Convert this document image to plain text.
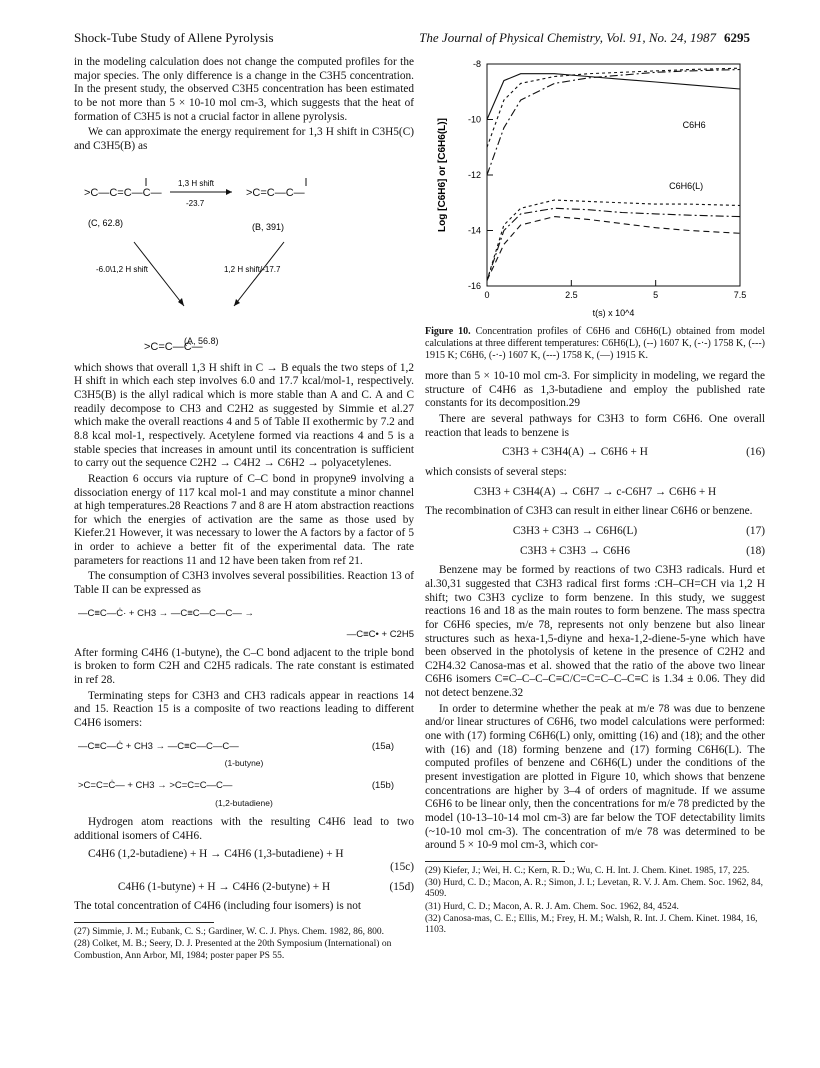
Shock-Tube Study of Allene Pyrolysis	The Journal of Physical Chemistry, Vol. 91, No. 24, 1987 6295

in the modeling calculation does not change the computed profiles for the major species. The only difference is a change in the C3H5 concentration. In the present study, the observed C3H5 concentration has been estimated to be not more than 5 × 10-10 mol cm-3, which suggests that the heat of formation of C3H5 is not a crucial factor in allene pyrolysis.

We can approximate the energy requirement for 1,3 H shift in C3H5(C) and C3H5(B) as

>C—C=C—C—	>C=C—C—
>C=C—C—
1,3 H shift
-23.7
(C, 62.8)	(B, 391)
-6.0\1,2 H shift	1,2 H shift/-17.7
(A, 56.8)

which shows that overall 1,3 H shift in C → B equals the two steps of 1,2 H shift in which each step involves 6.0 and 17.7 kcal/mol-1, respectively. C3H5(B) is the allyl radical which is more stable than A and C. A and C readily decompose to CH3 and C2H2 as suggested by Simmie et al.27 which make the overall reactions 4 and 5 of Table II exothermic by 7.2 and 8.8 kcal mol-1, respectively. Acetylene formed via reactions 4 and 5 is a stable species that increases in amount until its concentration is sufficient to carry out the sequence C2H2 → C4H2 → C6H2 → polyacetylenes.

Reaction 6 occurs via rupture of C–C bond in propyne9 involving a dissociation energy of 117 kcal mol-1 and may constitute a minor channel at high temperatures.28 Reactions 7 and 8 are H atom abstraction reactions for which the energies of activation are the same as those used by Kiefer.21 However, it was necessary to lower the A factors by a factor of 5 in order to achieve a better fit of the experimental data. The rate parameters for reactions 11 and 12 have been taken from ref 21.

The consumption of C3H3 involves several possibilities. Reaction 13 of Table II can be expressed as

—C≡C—Ċ· + CH3 → —C≡C—C—C— →
—C≡C• + C2H5

After forming C4H6 (1-butyne), the C–C bond adjacent to the triple bond is broken to form C2H and C2H5 radicals. The rate constant is estimated in ref 28.

Terminating steps for C3H3 and CH3 radicals appear in reactions 14 and 15. Reaction 15 is a composite of two reactions leading to different C4H6 isomers:

—C≡C—Ċ + CH3 → —C≡C—C—C—	(15a)
(1-butyne)
>C=C=Ċ— + CH3 → >C=C=C—C—	(15b)
(1,2-butadiene)

Hydrogen atom reactions with the resulting C4H6 lead to two additional isomers of C4H6.

C4H6 (1,2-butadiene) + H → C4H6 (1,3-butadiene) + H
(15c)
C4H6 (1-butyne) + H → C4H6 (2-butyne) + H	(15d)

The total concentration of C4H6 (including four isomers) is not

(27) Simmie, J. M.; Eubank, C. S.; Gardiner, W. C. J. Phys. Chem. 1982, 86, 800.

(28) Colket, M. B.; Seery, D. J. Presented at the 20th Symposium (International) on Combustion, Ann Arbor, MI, 1984; poster paper PS 55.

-8
-10
-12
-14
-16
0	2.5	5	7.5
Log [C6H6] or [C6H6(L)]
t(s) x 10^4
C6H6
C6H6(L)

Figure 10. Concentration profiles of C6H6 and C6H6(L) obtained from model calculations at three different temperatures: C6H6(L), (--) 1607 K, (-·-) 1758 K, (---) 1915 K; C6H6, (-·-) 1607 K, (---) 1758 K, (—) 1915 K.

more than 5 × 10-10 mol cm-3. For simplicity in modeling, we regard the structure of C4H6 as 1,3-butadiene and employ the published rate constants for its decomposition.29

There are several pathways for C3H3 to form C6H6. One overall reaction that leads to benzene is

C3H3 + C3H4(A) → C6H6 + H	(16)

which consists of several steps:

C3H3 + C3H4(A) → C6H7 → c-C6H7 → C6H6 + H

The recombination of C3H3 can result in either linear C6H6 or benzene.

C3H3 + C3H3 → C6H6(L)	(17)
C3H3 + C3H3 → C6H6	(18)

Benzene may be formed by reactions of two C3H3 radicals. Hurd et al.30,31 suggested that C3H3 radical first forms :CH–CH=CH via 1,2 H shift; two C3H3 cyclize to form benzene. In this study, we suggest reactions 16 and 18 as the main routes to form benzene. The mass spectra for C6H6 species, m/e 78, represents not only benzene but also linear structures such as hexa-1,5-diyne and hexa-1,2-diene-5-yne which have been observed in the photolysis of ketene in the presence of C2H2 and C2H4.32 Canosa-mas et al. showed that the ratio of the above two linear C6H6 isomers C≡C–C–C–C≡C/C=C=C–C–C≡C is 1.34 ± 0.06. They did not detect benzene.32

In order to determine whether the peak at m/e 78 was due to benzene and/or linear structures of C6H6, two model calculations were performed: one with (17) forming C6H6(L) only, omitting (16) and (18); and the other with (16) and (18) forming benzene and (17) forming C6H6(L). The computed profiles of benzene and C6H6(L) under the conditions of the present investigation are plotted in Figure 10, which shows that benzene concentrations are higher by 3–4 of orders of magnitude. If we assume C6H6 to be linear only, then the concentrations for m/e 78 predicted by the model (10-13–10-14 mol cm-3) are far below the TOF detectability limits (~10-10 mol cm-3). The concentration of m/e 78 was determined to be around 5 × 10-9 mol cm-3, which cor-

(29) Kiefer, J.; Wei, H. C.; Kern, R. D.; Wu, C. H. Int. J. Chem. Kinet. 1985, 17, 225.

(30) Hurd, C. D.; Macon, A. R.; Simon, J. I.; Levetan, R. V. J. Am. Chem. Soc. 1962, 84, 4509.

(31) Hurd, C. D.; Macon, A. R. J. Am. Chem. Soc. 1962, 84, 4524.

(32) Canosa-mas, C. E.; Ellis, M.; Frey, H. M.; Walsh, R. Int. J. Chem. Kinet. 1984, 16, 1103.
